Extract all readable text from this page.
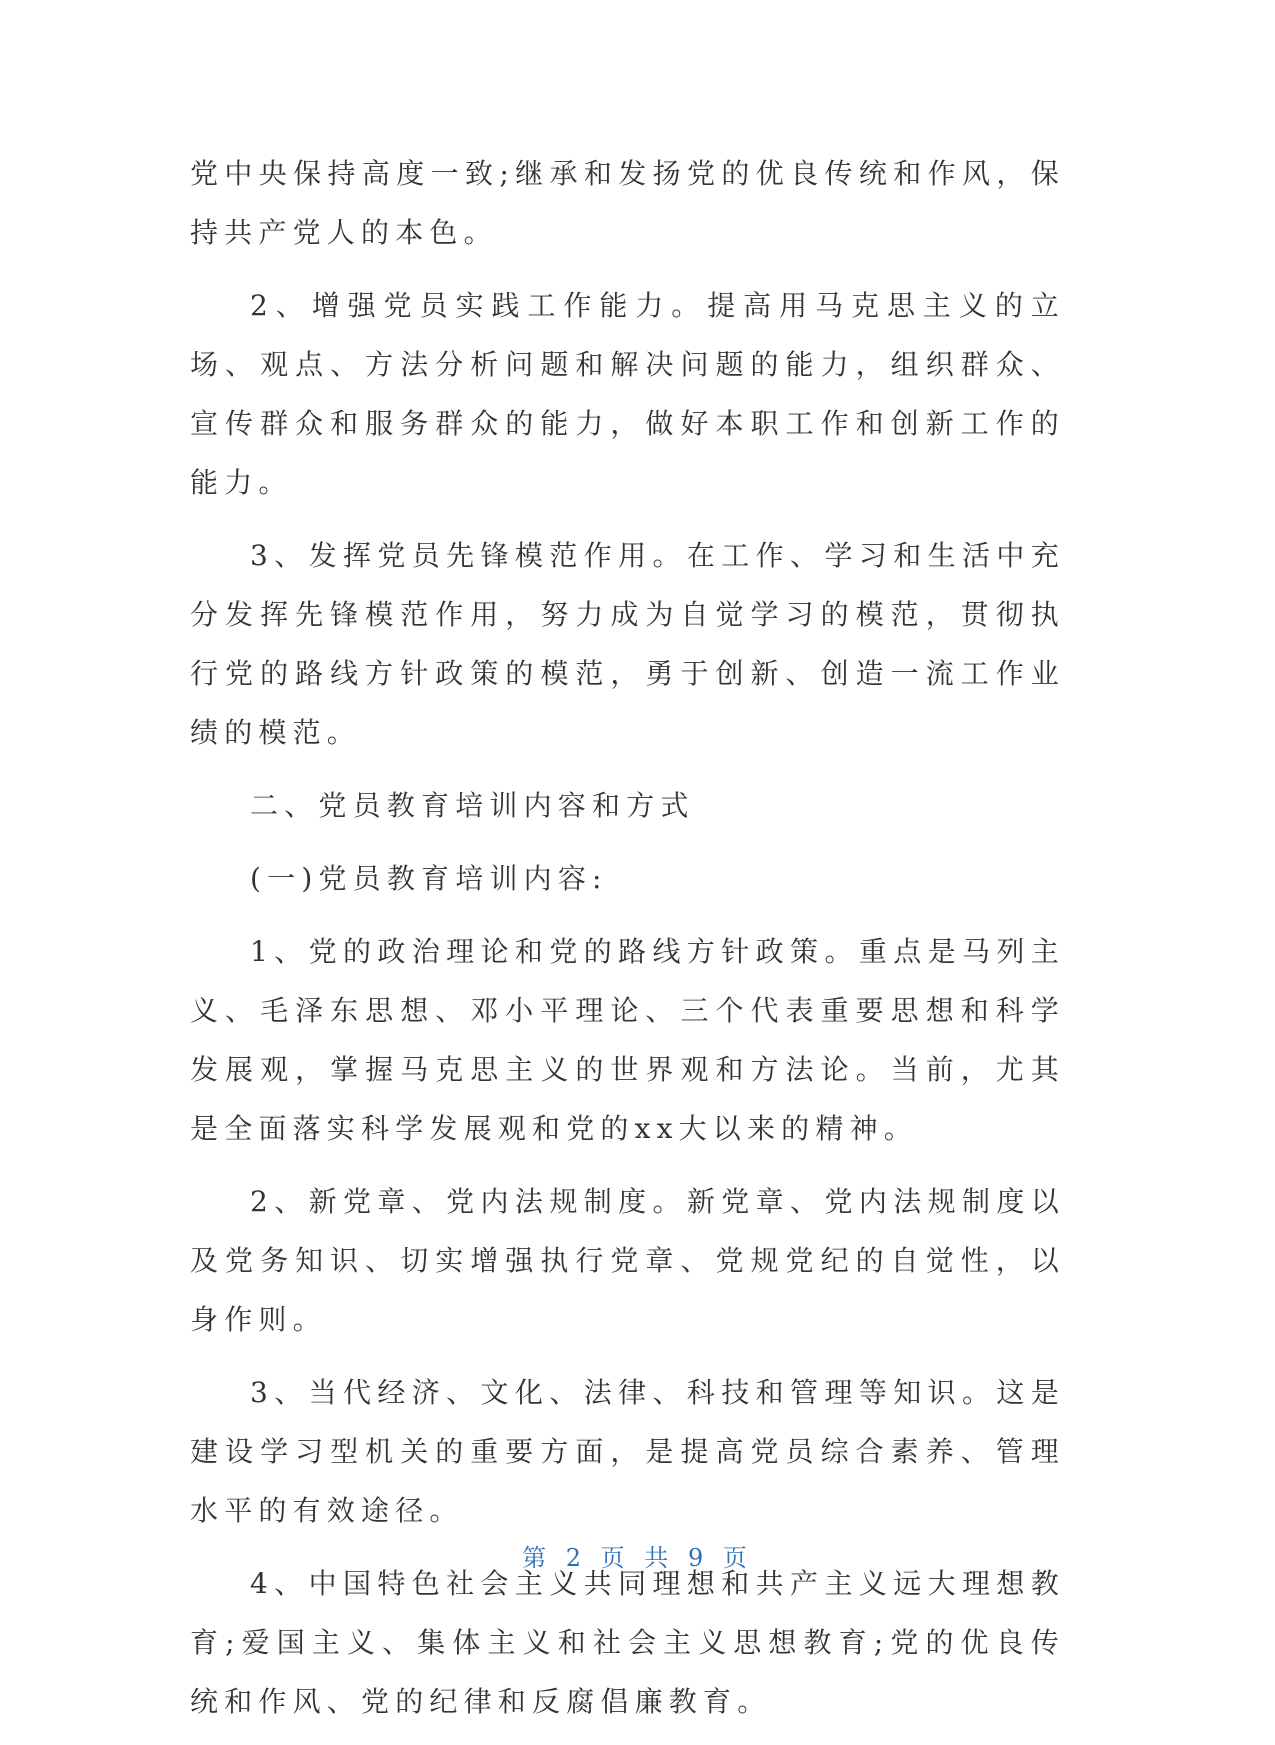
党中央保持高度一致;继承和发扬党的优良传统和作风，保持共产党人的本色。

2、增强党员实践工作能力。提高用马克思主义的立场、观点、方法分析问题和解决问题的能力，组织群众、宣传群众和服务群众的能力，做好本职工作和创新工作的能力。

3、发挥党员先锋模范作用。在工作、学习和生活中充分发挥先锋模范作用，努力成为自觉学习的模范，贯彻执行党的路线方针政策的模范，勇于创新、创造一流工作业绩的模范。

二、党员教育培训内容和方式

(一)党员教育培训内容:

1、党的政治理论和党的路线方针政策。重点是马列主义、毛泽东思想、邓小平理论、三个代表重要思想和科学发展观，掌握马克思主义的世界观和方法论。当前，尤其是全面落实科学发展观和党的xx大以来的精神。

2、新党章、党内法规制度。新党章、党内法规制度以及党务知识、切实增强执行党章、党规党纪的自觉性，以身作则。

3、当代经济、文化、法律、科技和管理等知识。这是建设学习型机关的重要方面，是提高党员综合素养、管理水平的有效途径。

4、中国特色社会主义共同理想和共产主义远大理想教育;爱国主义、集体主义和社会主义思想教育;党的优良传统和作风、党的纪律和反腐倡廉教育。

第 2 页 共 9 页
